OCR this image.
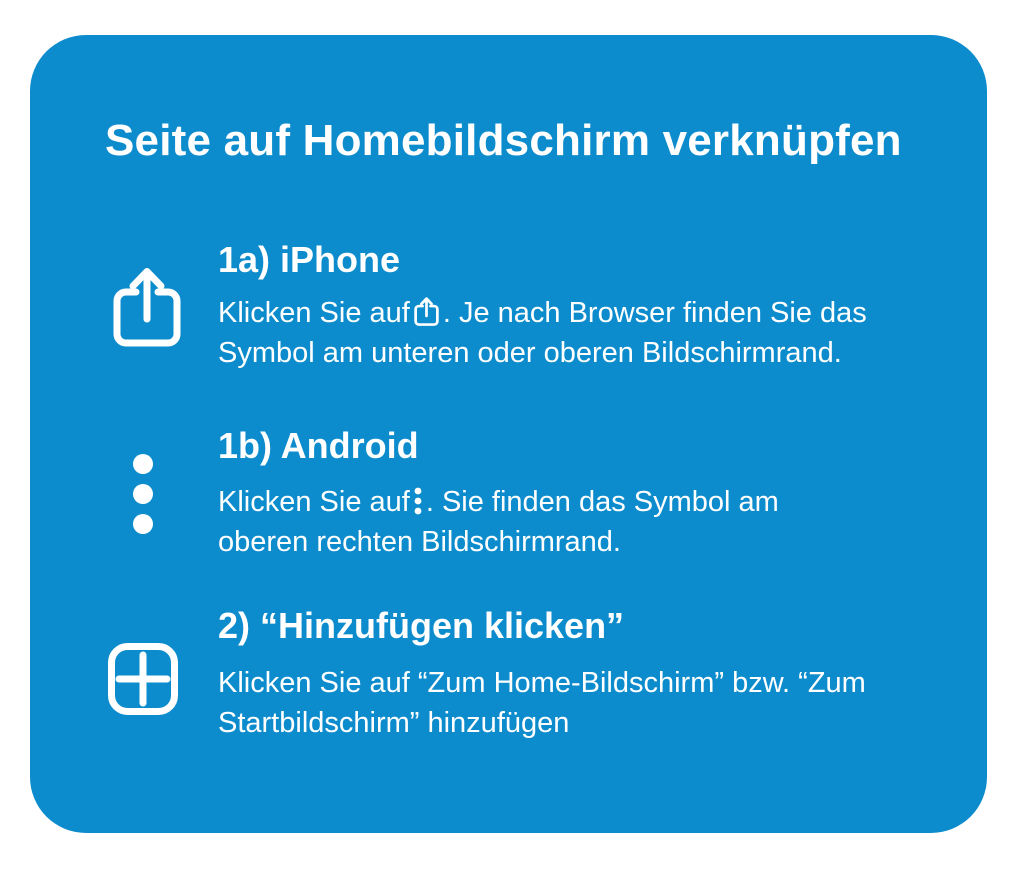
Seite auf Homebildschirm verknüpfen
1a) iPhone

Klicken Sie auf . Je nach Browser finden Sie das
Symbol am unteren oder oberen Bildschirmrand.

1b) Android

Klicken Sie auf . Sie finden das Symbol am
oberen rechten Bildschirmrand.

2) “Hinzufügen klicken”

Klicken Sie auf “Zum Home-Bildschirm” bzw. “Zum
Startbildschirm” hinzufügen
